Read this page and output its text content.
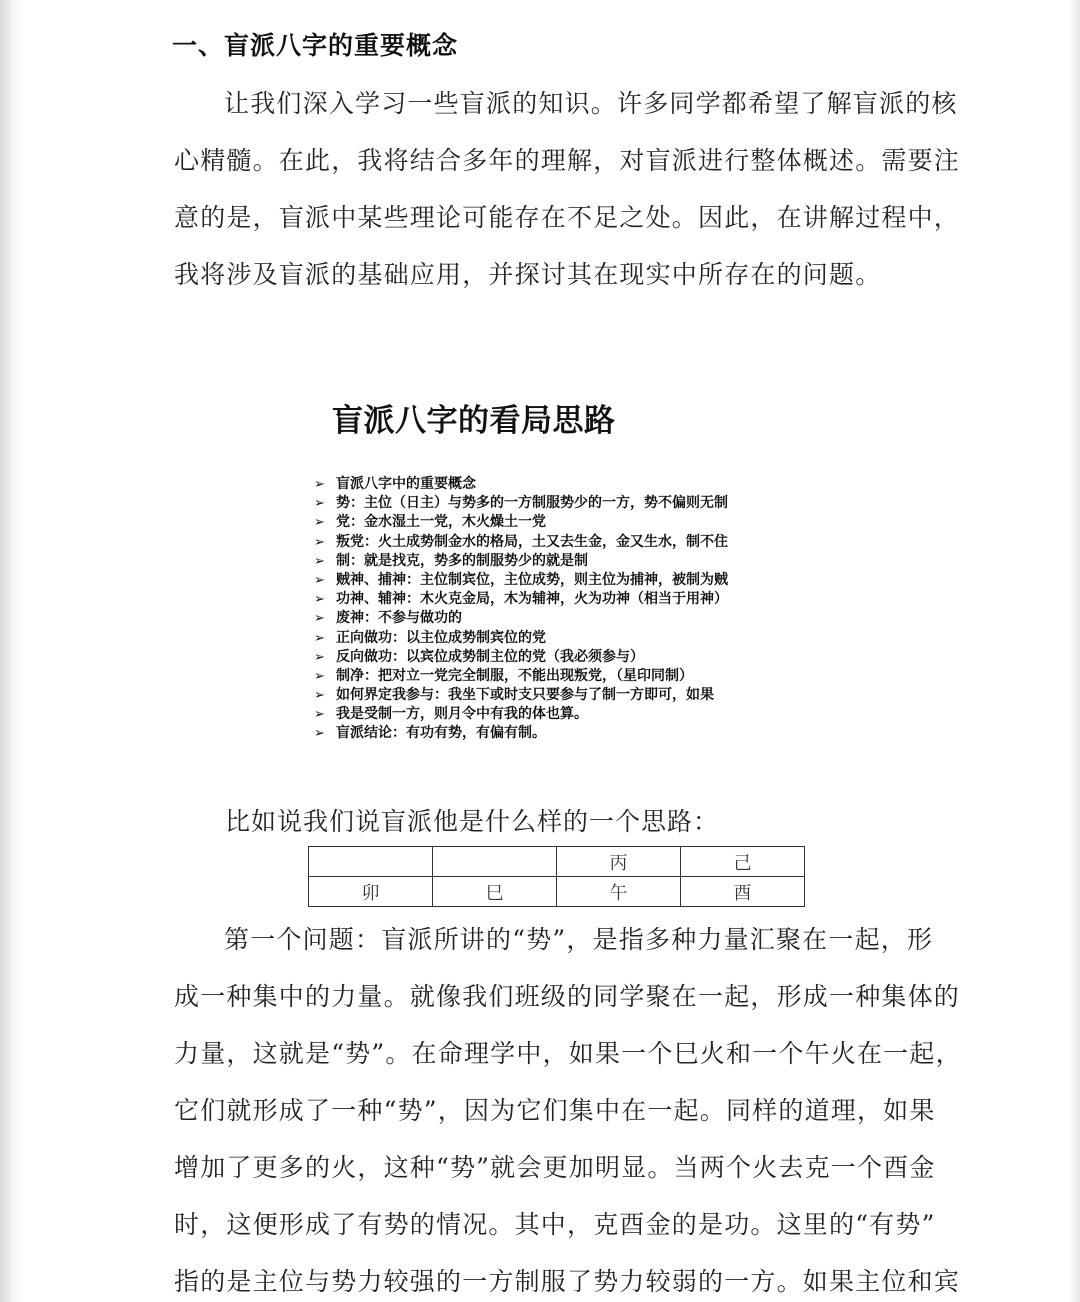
一、盲派八字的重要概念
让我们深入学习一些盲派的知识。许多同学都希望了解盲派的核
心精髓。在此，我将结合多年的理解，对盲派进行整体概述。需要注
意的是，盲派中某些理论可能存在不足之处。因此，在讲解过程中，
我将涉及盲派的基础应用，并探讨其在现实中所存在的问题。
盲派八字的看局思路
➢ 盲派八字中的重要概念
➢ 势：主位（日主）与势多的一方制服势少的一方，势不偏则无制
➢ 党：金水湿土一党，木火燥土一党
➢ 叛党：火土成势制金水的格局，土又去生金，金又生水，制不住
➢ 制：就是找克，势多的制服势少的就是制
➢ 贼神、捕神：主位制宾位，主位成势，则主位为捕神，被制为贼
➢ 功神、辅神：木火克金局，木为辅神，火为功神（相当于用神）
➢ 废神：不参与做功的
➢ 正向做功：以主位成势制宾位的党
➢ 反向做功：以宾位成势制主位的党（我必须参与）
➢ 制净：把对立一党完全制服，不能出现叛党，（星印同制）
➢ 如何界定我参与：我坐下或时支只要参与了制一方即可，如果
➢ 我是受制一方，则月令中有我的体也算。
➢ 盲派结论：有功有势，有偏有制。
比如说我们说盲派他是什么样的一个思路：
		丙	己
卯	巳	午	酉
第一个问题：盲派所讲的“势”，是指多种力量汇聚在一起，形
成一种集中的力量。就像我们班级的同学聚在一起，形成一种集体的
力量，这就是“势”。在命理学中，如果一个巳火和一个午火在一起，
它们就形成了一种“势”，因为它们集中在一起。同样的道理，如果
增加了更多的火，这种“势”就会更加明显。当两个火去克一个酉金
时，这便形成了有势的情况。其中，克酉金的是功。这里的“有势”
指的是主位与势力较强的一方制服了势力较弱的一方。如果主位和宾
